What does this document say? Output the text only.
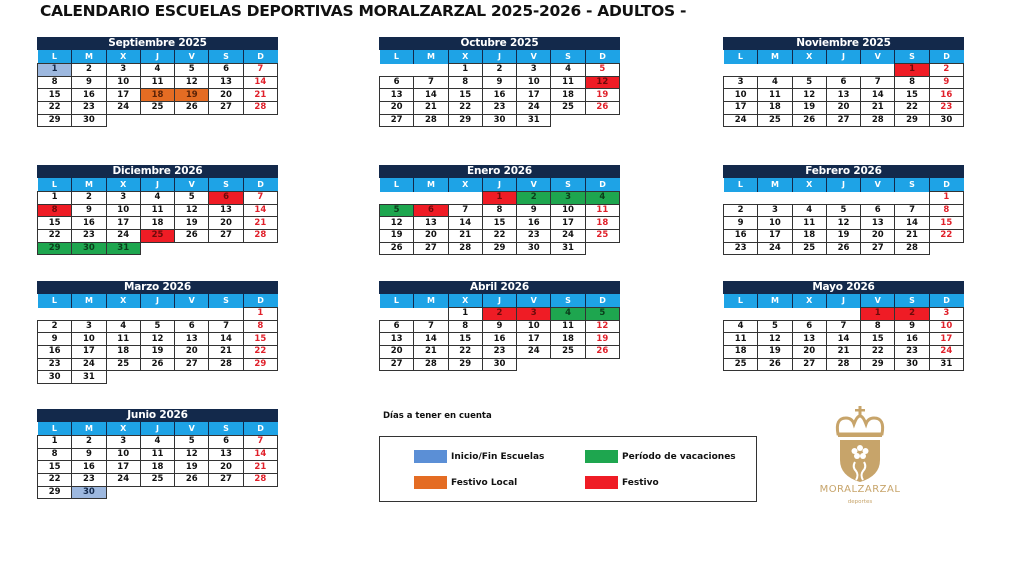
CALENDARIO ESCUELAS DEPORTIVAS MORALZARZAL 2025-2026 - ADULTOS -
Septiembre 2025
L	M	X	J	V	S	D
1	2	3	4	5	6	7
8	9	10	11	12	13	14
15	16	17	18	19	20	21
22	23	24	25	26	27	28
29	30					
Octubre 2025
L	M	X	J	V	S	D
		1	2	3	4	5
6	7	8	9	10	11	12
13	14	15	16	17	18	19
20	21	22	23	24	25	26
27	28	29	30	31		
Noviembre 2025
L	M	X	J	V	S	D
					1	2
3	4	5	6	7	8	9
10	11	12	13	14	15	16
17	18	19	20	21	22	23
24	25	26	27	28	29	30
Diciembre 2026
L	M	X	J	V	S	D
1	2	3	4	5	6	7
8	9	10	11	12	13	14
15	16	17	18	19	20	21
22	23	24	25	26	27	28
29	30	31				
Enero 2026
L	M	X	J	V	S	D
			1	2	3	4
5	6	7	8	9	10	11
12	13	14	15	16	17	18
19	20	21	22	23	24	25
26	27	28	29	30	31	
Febrero 2026
L	M	X	J	V	S	D
						1
2	3	4	5	6	7	8
9	10	11	12	13	14	15
16	17	18	19	20	21	22
23	24	25	26	27	28	
Marzo 2026
L	M	X	J	V	S	D
						1
2	3	4	5	6	7	8
9	10	11	12	13	14	15
16	17	18	19	20	21	22
23	24	25	26	27	28	29
30	31					
Abril 2026
L	M	X	J	V	S	D
		1	2	3	4	5
6	7	8	9	10	11	12
13	14	15	16	17	18	19
20	21	22	23	24	25	26
27	28	29	30			
Mayo 2026
L	M	X	J	V	S	D
				1	2	3
4	5	6	7	8	9	10
11	12	13	14	15	16	17
18	19	20	21	22	23	24
25	26	27	28	29	30	31
Junio 2026
L	M	X	J	V	S	D
1	2	3	4	5	6	7
8	9	10	11	12	13	14
15	16	17	18	19	20	21
22	23	24	25	26	27	28
29	30					
Días a tener en cuenta
Inicio/Fin Escuelas	Período de vacaciones
Festivo Local	Festivo
MORALZARZAL
deportes
